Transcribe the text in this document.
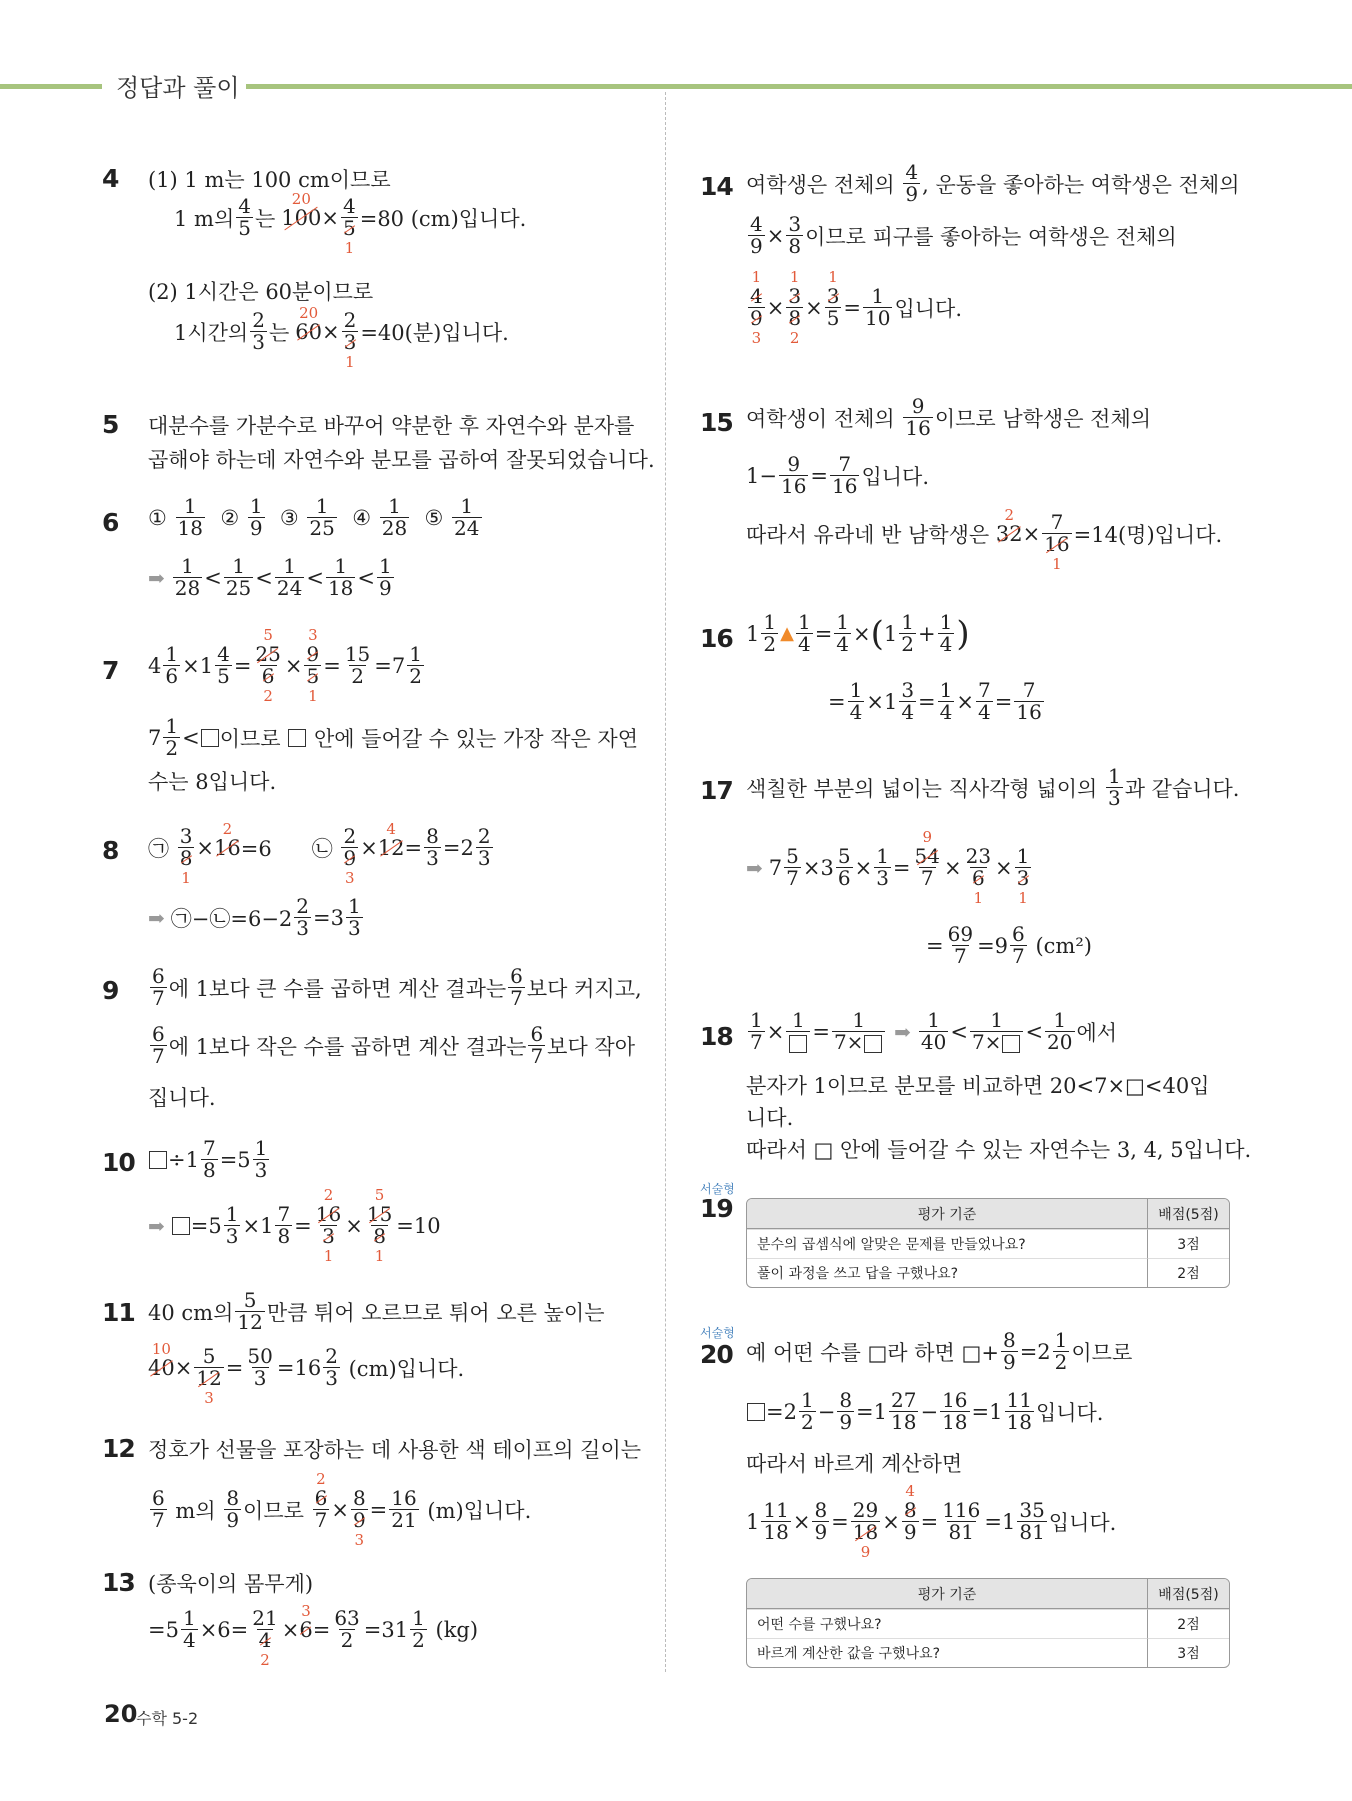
정답과 풀이
4 (1) 1 m는 100 cm이므로
1 m의 $\frac{4}{5}$ 는
20
100 × 4
5
1 =80 (cm)입니다.
(2) 1시간은 60분이므로
1시간의 $\frac{2}{3}$ 는
20
60 × 2
3
1 =40(분)입니다.
5 대분수를 가분수로 바꾸어 약분한 후 자연수와 분자를
곱해야 하는데 자연수와 분모를 곱하여 잘못되었습니다.
6 ① $\frac{1}{18}$ ② $\frac{1}{9}$ ③ $\frac{1}{25}$ ④ $\frac{1}{28}$ ⑤ $\frac{1}{24}$
➡ $\frac{1}{28} < \frac{1}{25} < \frac{1}{24} < \frac{1}{18} < \frac{1}{9}$
7 $4 \frac{1}{6} \times 1 \frac{4}{5} = 25$
5
6
2 × 9
3
5
$1 = \frac{15}{2} =7 \frac{1}{2}$
$7 \frac{1}{2}$ < 이므로

안에 들어갈 수 있는 가장 작은 자연
수는 8입니다.
8 ㉠ 3
8
1 × 16
2
=6      ㉡ 2
9
3 × 12
4
= $\frac{8}{3} =2 \frac{2}{3}$
➡ ㉠−㉡=6−2 $\frac{2}{3} =3 \frac{1}{3}$
$9 \frac{6}{7}$ 에 1보다 큰 수를 곱하면 계산 결과는 $\frac{6}{7}$ 보다 커지고,
$\frac{6}{7}$ 에 1보다 작은 수를 곱하면 계산 결과는 $\frac{6}{7}$ 보다 작아
집니다.
10	$\div 1 \frac{7}{8} =5 \frac{1}{3}$
➡ $=5 \frac{1}{3} \times 1 \frac{7}{8} = 16$
2
3
1 × 15
5
8
1 =10
11 40 cm의 $\frac{5}{12}$ 만큼 튀어 오르므로 튀어 오른 높이는
40
10
× 5
12
$3 = \frac{50}{3} =16 \frac{2}{3}$
(cm)입니다.
12 정호가 선물을 포장하는 데 사용한 색 테이프의 길이는
$\frac{6}{7}$
m의
$\frac{8}{9}$ 이므로
6
2
7 × 8
9
$3 = \frac{16}{21}$
(m)입니다.
13 (종욱이의 몸무게)
$=5 \frac{1}{4} \times 6= 21$
4
2 × 6
3
= $\frac{63}{2} =31 \frac{1}{2}$
(kg)
14 여학생은 전체의
$\frac{4}{9}$ , 운동을 좋아하는 여학생은 전체의
$\frac{4}{9} \times \frac{3}{8}$ 이므로 피구를 좋아하는 여학생은 전체의
4
1
9
3 × 3
1
8
2 × 3
1
$5 = \frac{1}{10}$ 입니다.
15 여학생이 전체의
$\frac{9}{16}$ 이므로 남학생은 전체의
$1- \frac{9}{16} = \frac{7}{16}$ 입니다.
따라서 유라네 반 남학생은
32
2
× 7
16
1 =14(명)입니다.
16 $1 \frac{1}{2}$ ▲ $\frac{1}{4} = \frac{1}{4}$ × ( $1 \frac{1}{2} + \frac{1}{4}$ )
= $\frac{1}{4} \times 1 \frac{3}{4} = \frac{1}{4} \times \frac{7}{4} = \frac{7}{16}$
17 색칠한 부분의 넓이는 직사각형 넓이의
$\frac{1}{3}$ 과 같습니다.
➡ $7 \frac{5}{7} \times 3 \frac{5}{6} \times \frac{1}{3} = 54$
9
7 × 23
6
1 × 1
3
1
= $\frac{69}{7} =9 \frac{6}{7}$
(cm²)
$18 \frac{1}{7} \times 1 = \frac{1}{7\times}$
➡ $\frac{1}{40} < \frac{1}{7\times} < \frac{1}{20}$ 에서
분자가 1이므로 분모를 비교하면 20<7×□<40입
니다.
따라서 □ 안에 들어갈 수 있는 자연수는 3, 4, 5입니다.
서술형
19	평가 기준	배점(5점)
분수의 곱셈식에 알맞은 문제를 만들었나요?	3점
풀이 과정을 쓰고 답을 구했나요?	2점
서술형
20 예 어떤 수를 □라 하면 □+ $\frac{8}{9} =2 \frac{1}{2}$ 이므로
$=2 \frac{1}{2} - \frac{8}{9} =1 \frac{27}{18} - \frac{16}{18} =1 \frac{11}{18}$ 입니다.
따라서 바르게 계산하면
$1 \frac{11}{18} \times \frac{8}{9} = 29$
18
9 × 8
4
$9 = \frac{116}{81} =1 \frac{35}{81}$ 입니다.
평가 기준	배점(5점)
어떤 수를 구했나요?	2점
바르게 계산한 값을 구했나요?	3점
20
수학 5-2
